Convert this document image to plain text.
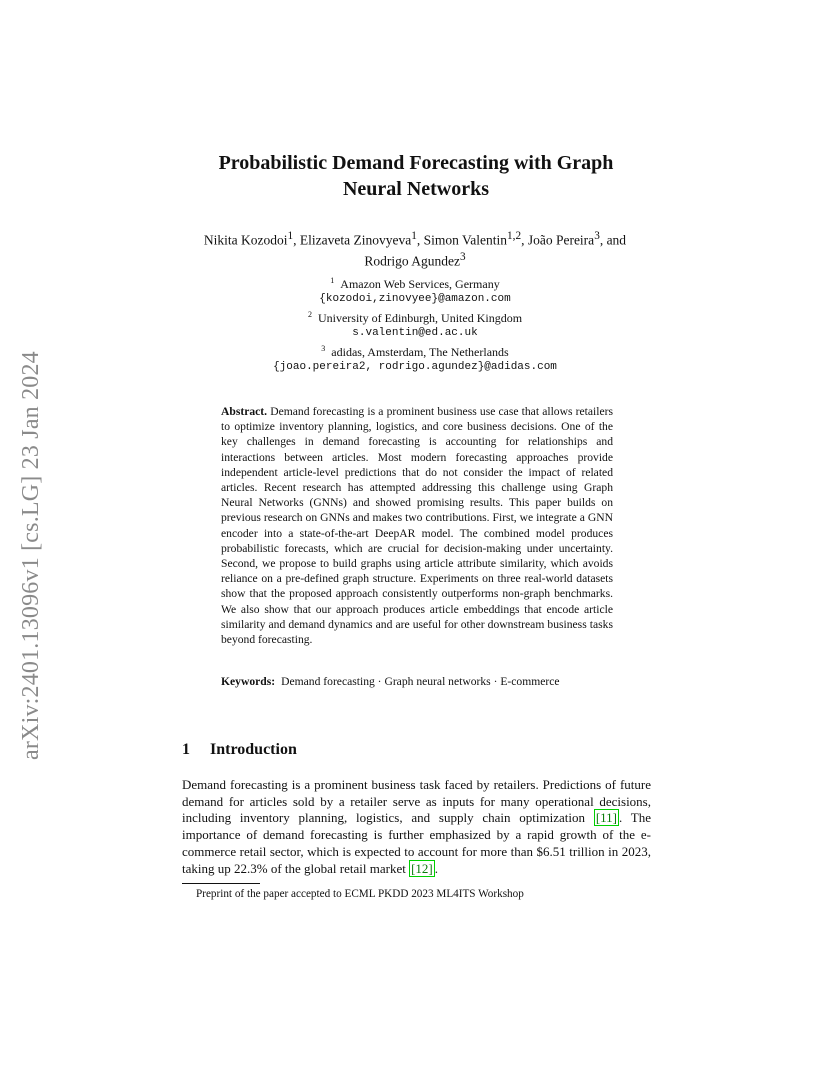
arXiv:2401.13096v1 [cs.LG] 23 Jan 2024
Probabilistic Demand Forecasting with Graph
Neural Networks
Nikita Kozodoi$^1$, Elizaveta Zinovyeva$^1$, Simon Valentin$^{1,2}$, João Pereira$^3$, and
Rodrigo Agundez$^3$
$^1$ Amazon Web Services, Germany
{kozodoi,zinovyee}@amazon.com
$^2$ University of Edinburgh, United Kingdom
s.valentin@ed.ac.uk
$^3$ adidas, Amsterdam, The Netherlands
{joao.pereira2, rodrigo.agundez}@adidas.com

Abstract. Demand forecasting is a prominent business use case that allows retailers to optimize inventory planning, logistics, and core business decisions. One of the key challenges in demand forecasting is accounting for relationships and interactions between articles. Most modern forecasting approaches provide independent article-level predictions that do not consider the impact of related articles. Recent research has attempted addressing this challenge using Graph Neural Networks (GNNs) and showed promising results. This paper builds on previous research on GNNs and makes two contributions. First, we integrate a GNN encoder into a state-of-the-art DeepAR model. The combined model produces probabilistic forecasts, which are crucial for decision-making under uncertainty. Second, we propose to build graphs using article attribute similarity, which avoids reliance on a pre-defined graph structure. Experiments on three real-world datasets show that the proposed approach consistently outperforms non-graph benchmarks. We also show that our approach produces article embeddings that encode article similarity and demand dynamics and are useful for other downstream business tasks beyond forecasting.

Keywords: Demand forecasting · Graph neural networks · E-commerce
1 Introduction

Demand forecasting is a prominent business task faced by retailers. Predictions of future demand for articles sold by a retailer serve as inputs for many operational decisions, including inventory planning, logistics, and supply chain optimization [11] . The importance of demand forecasting is further emphasized by a rapid growth of the e-commerce retail sector, which is expected to account for more than $6.51 trillion in 2023, taking up 22.3% of the global retail market [12] .

Preprint of the paper accepted to ECML PKDD 2023 ML4ITS Workshop
